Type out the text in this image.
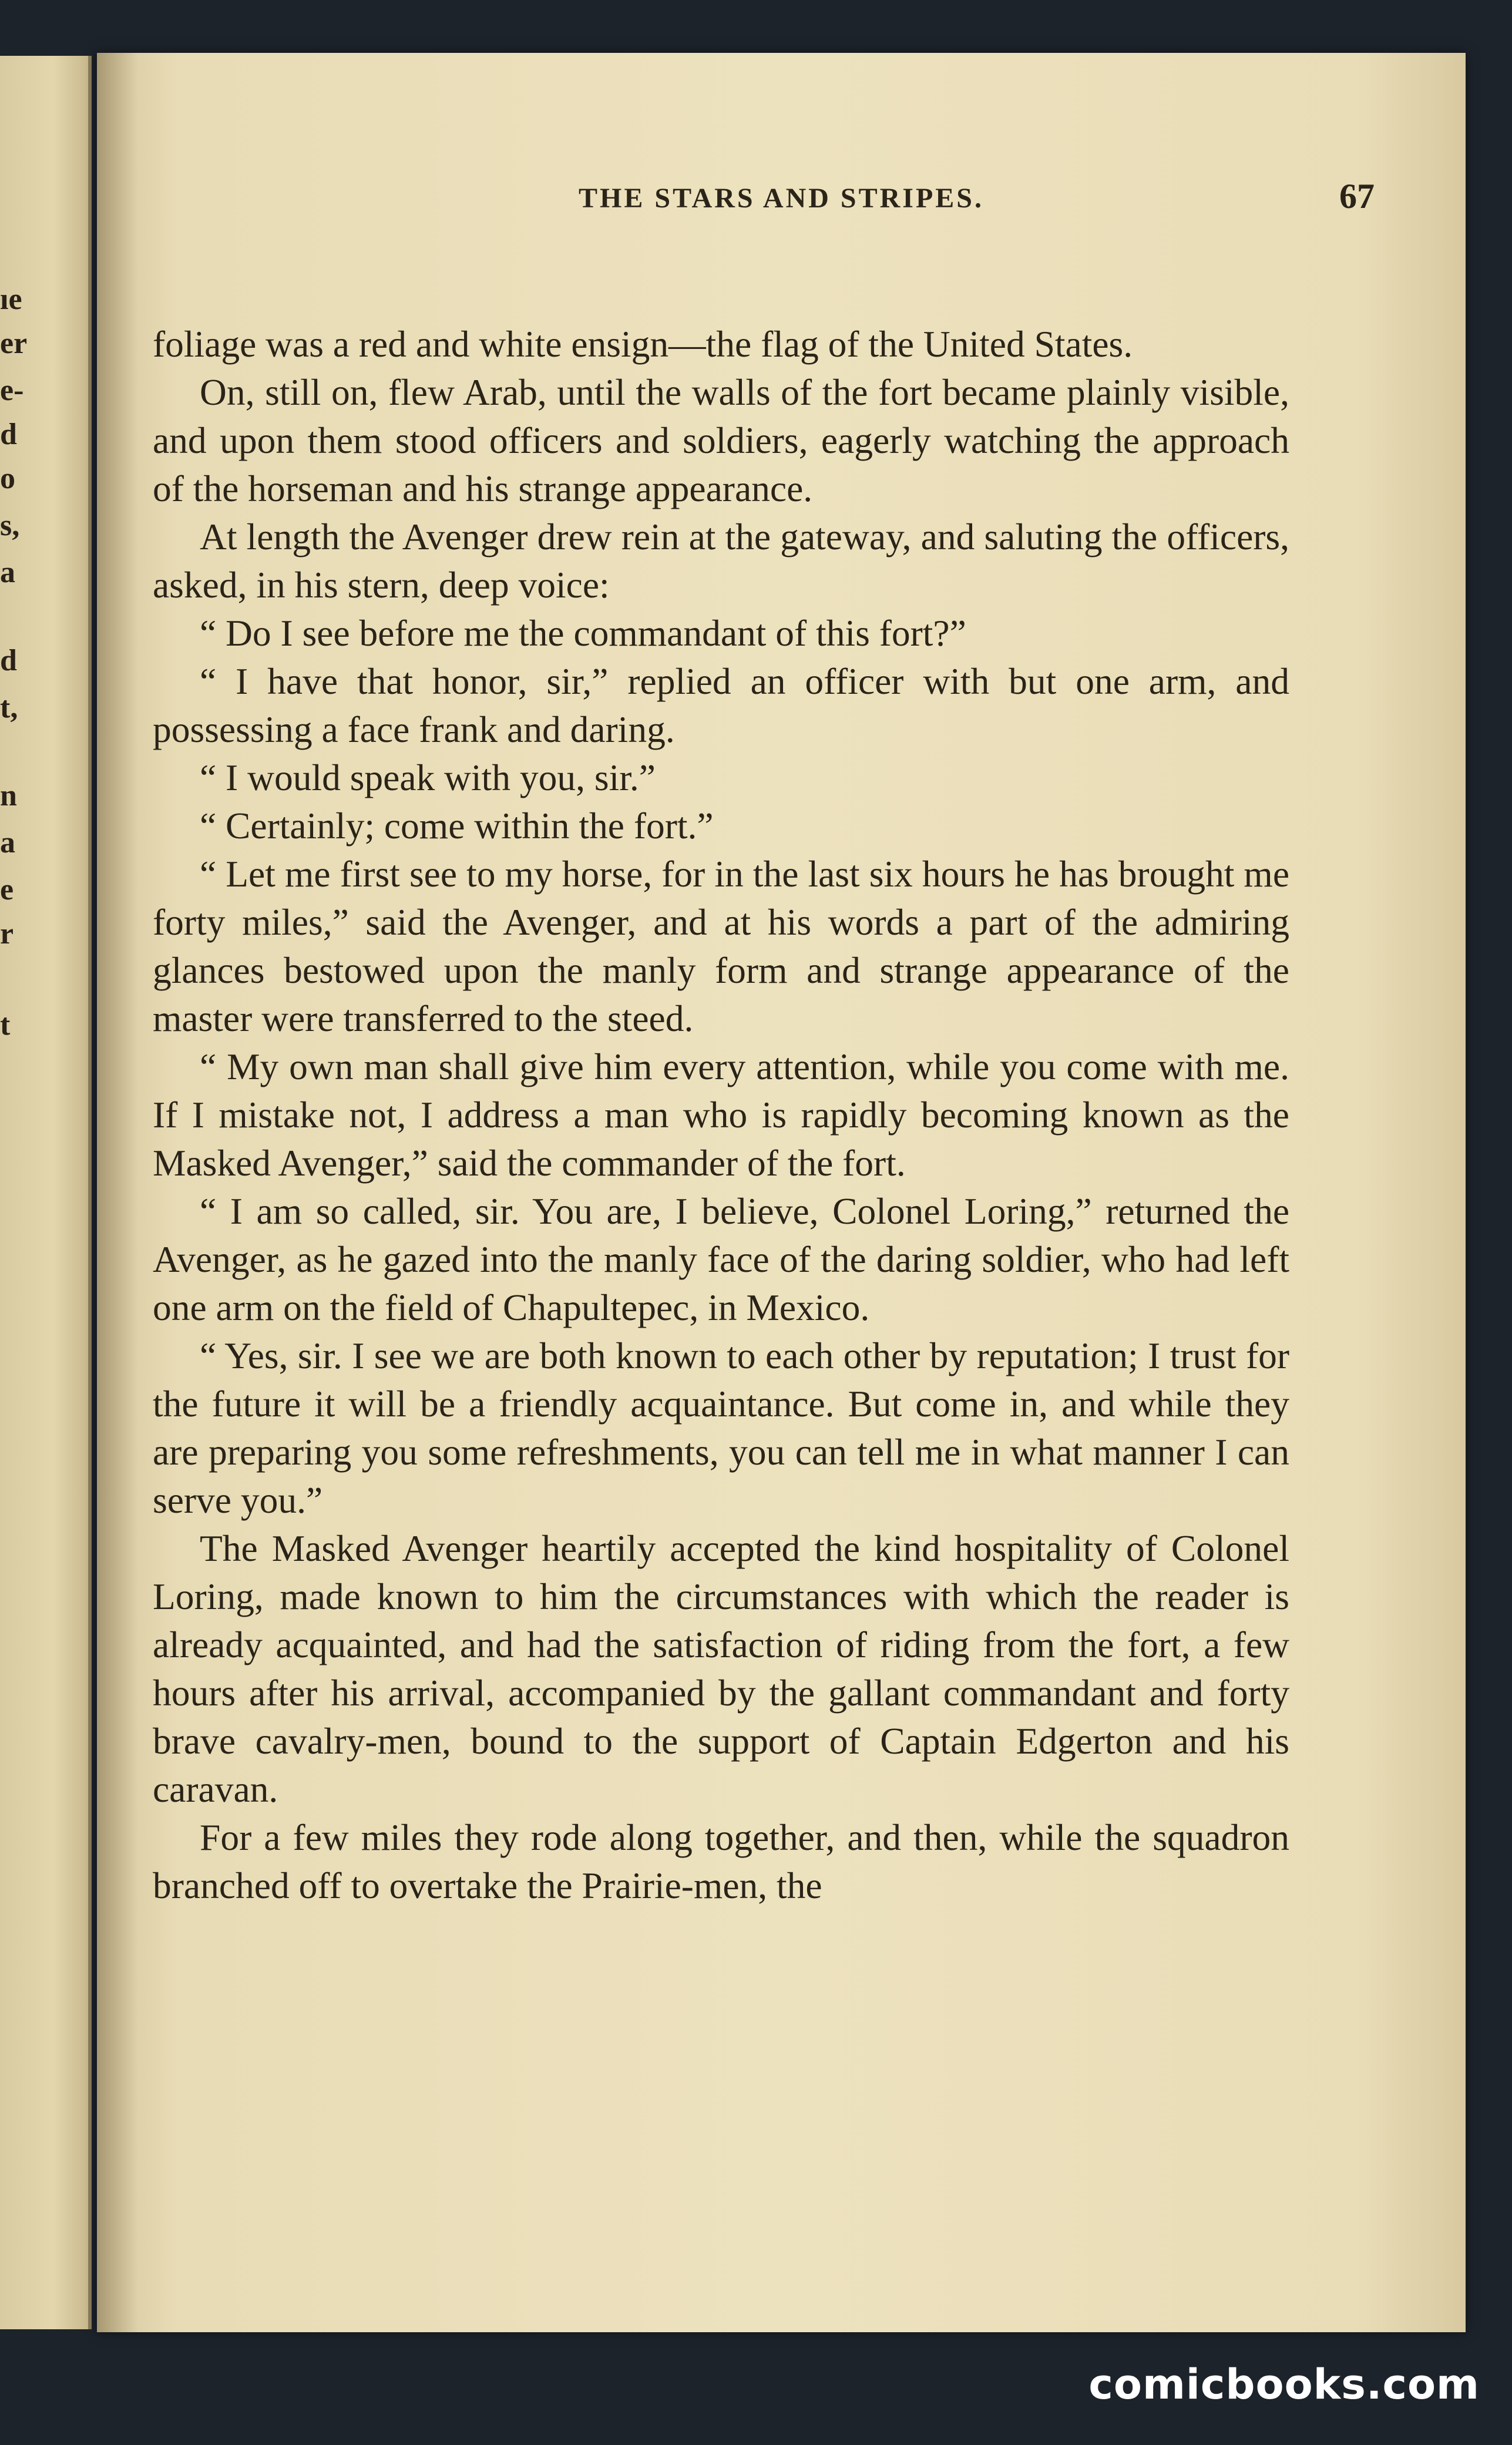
ıe
er
e-
d
o
s,
a
d
t,
n
a
e
r
t
THE STARS AND STRIPES.	67

foliage was a red and white ensign—the flag of the United States.

On, still on, flew Arab, until the walls of the fort became plainly visible, and upon them stood officers and soldiers, eagerly watching the approach of the horseman and his strange appearance.

At length the Avenger drew rein at the gateway, and saluting the officers, asked, in his stern, deep voice:

“ Do I see before me the commandant of this fort?”

“ I have that honor, sir,” replied an officer with but one arm, and possessing a face frank and daring.

“ I would speak with you, sir.”

“ Certainly; come within the fort.”

“ Let me first see to my horse, for in the last six hours he has brought me forty miles,” said the Avenger, and at his words a part of the admiring glances bestowed upon the manly form and strange appearance of the master were transferred to the steed.

“ My own man shall give him every attention, while you come with me. If I mistake not, I address a man who is rapidly becoming known as the Masked Avenger,” said the commander of the fort.

“ I am so called, sir. You are, I believe, Colonel Loring,” returned the Avenger, as he gazed into the manly face of the daring soldier, who had left one arm on the field of Chapultepec, in Mexico.

“ Yes, sir. I see we are both known to each other by reputation; I trust for the future it will be a friendly acquaintance. But come in, and while they are preparing you some refreshments, you can tell me in what manner I can serve you.”

The Masked Avenger heartily accepted the kind hospitality of Colonel Loring, made known to him the circumstances with which the reader is already acquainted, and had the satisfaction of riding from the fort, a few hours after his arrival, accompanied by the gallant commandant and forty brave cavalry-men, bound to the support of Captain Edgerton and his caravan.

For a few miles they rode along together, and then, while the squadron branched off to overtake the Prairie-men, the

comicbooks.com
